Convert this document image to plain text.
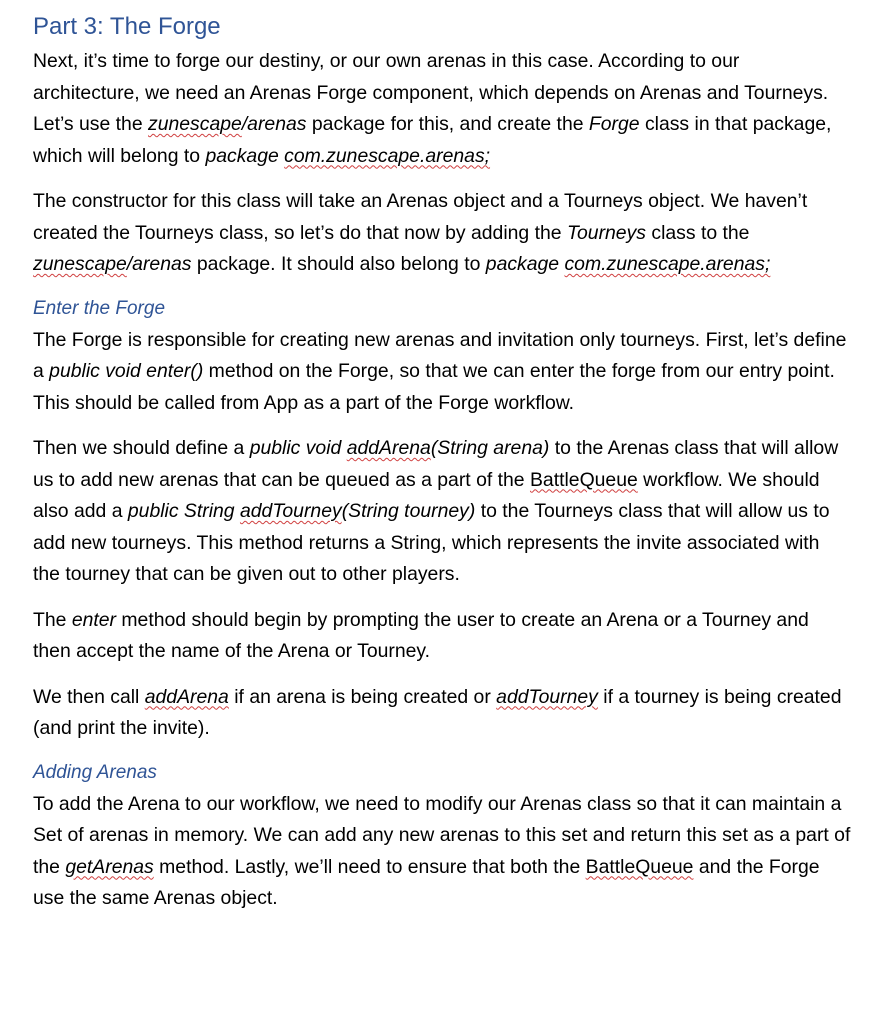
Part 3: The Forge

Next, it’s time to forge our destiny, or our own arenas in this case. According to our architecture, we need an Arenas Forge component, which depends on Arenas and Tourneys. Let’s use the zunescape/arenas package for this, and create the Forge class in that package, which will belong to package com.zunescape.arenas;

The constructor for this class will take an Arenas object and a Tourneys object. We haven’t created the Tourneys class, so let’s do that now by adding the Tourneys class to the zunescape/arenas package. It should also belong to package com.zunescape.arenas;

Enter the Forge

The Forge is responsible for creating new arenas and invitation only tourneys. First, let’s define a public void enter() method on the Forge, so that we can enter the forge from our entry point. This should be called from App as a part of the Forge workflow.

Then we should define a public void addArena(String arena) to the Arenas class that will allow us to add new arenas that can be queued as a part of the BattleQueue workflow. We should also add a public String addTourney(String tourney) to the Tourneys class that will allow us to add new tourneys. This method returns a String, which represents the invite associated with the tourney that can be given out to other players.

The enter method should begin by prompting the user to create an Arena or a Tourney and then accept the name of the Arena or Tourney.

We then call addArena if an arena is being created or addTourney if a tourney is being created (and print the invite).

Adding Arenas

To add the Arena to our workflow, we need to modify our Arenas class so that it can maintain a Set of arenas in memory. We can add any new arenas to this set and return this set as a part of the getArenas method. Lastly, we’ll need to ensure that both the BattleQueue and the Forge use the same Arenas object.
